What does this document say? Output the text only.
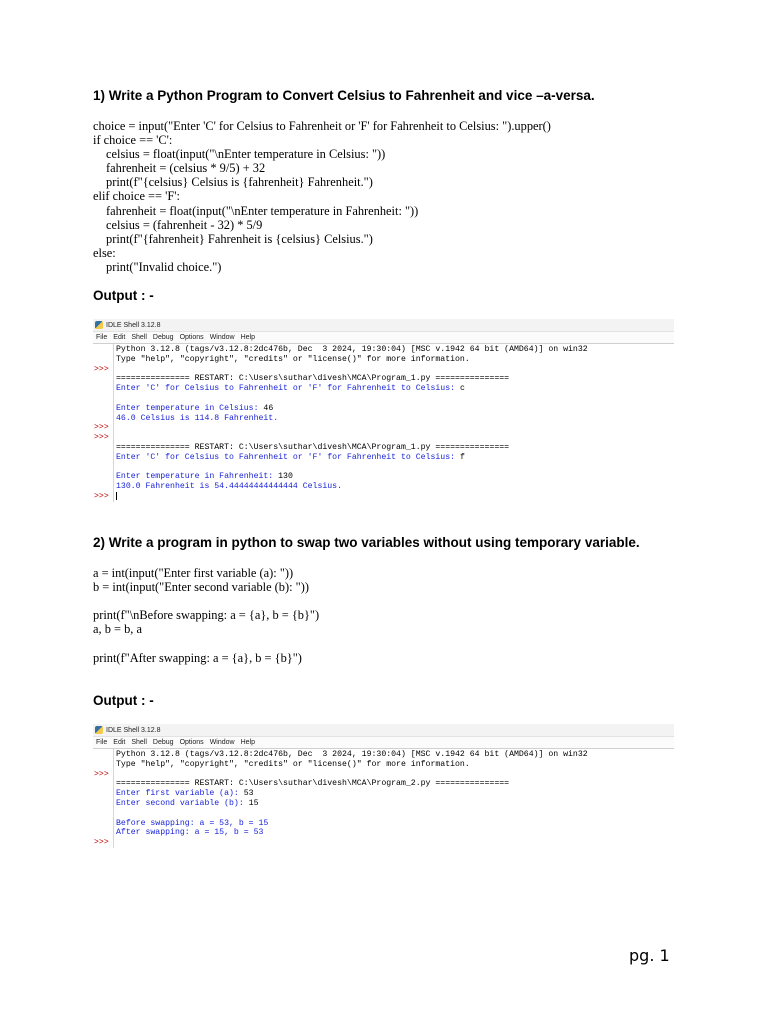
1) Write a Python Program to Convert Celsius to Fahrenheit and vice –a-versa.
choice = input("Enter 'C' for Celsius to Fahrenheit or 'F' for Fahrenheit to Celsius: ").upper()
if choice == 'C':
celsius = float(input("\nEnter temperature in Celsius: "))
fahrenheit = (celsius * 9/5) + 32
print(f"{celsius} Celsius is {fahrenheit} Fahrenheit.")
elif choice == 'F':
fahrenheit = float(input("\nEnter temperature in Fahrenheit: "))
celsius = (fahrenheit - 32) * 5/9
print(f"{fahrenheit} Fahrenheit is {celsius} Celsius.")
else:
print("Invalid choice.")
Output : -
IDLE Shell 3.12.8
File Edit Shell Debug Options Window Help
>>>
>>>
>>>
>>>
Python 3.12.8 (tags/v3.12.8:2dc476b, Dec  3 2024, 19:30:04) [MSC v.1942 64 bit (AMD64)] on win32
Type "help", "copyright", "credits" or "license()" for more information.
=============== RESTART: C:\Users\suthar\divesh\MCA\Program_1.py ===============
Enter 'C' for Celsius to Fahrenheit or 'F' for Fahrenheit to Celsius: c
Enter temperature in Celsius: 46
46.0 Celsius is 114.8 Fahrenheit.
=============== RESTART: C:\Users\suthar\divesh\MCA\Program_1.py ===============
Enter 'C' for Celsius to Fahrenheit or 'F' for Fahrenheit to Celsius: f
Enter temperature in Fahrenheit: 130
130.0 Fahrenheit is 54.44444444444444 Celsius.
2) Write a program in python to swap two variables without using temporary variable.
a = int(input("Enter first variable (a): "))
b = int(input("Enter second variable (b): "))
print(f"\nBefore swapping: a = {a}, b = {b}")
a, b = b, a
print(f"After swapping: a = {a}, b = {b}")
Output : -
IDLE Shell 3.12.8
File Edit Shell Debug Options Window Help
>>>
>>>
Python 3.12.8 (tags/v3.12.8:2dc476b, Dec  3 2024, 19:30:04) [MSC v.1942 64 bit (AMD64)] on win32
Type "help", "copyright", "credits" or "license()" for more information.
=============== RESTART: C:\Users\suthar\divesh\MCA\Program_2.py ===============
Enter first variable (a): 53
Enter second variable (b): 15
Before swapping: a = 53, b = 15
After swapping: a = 15, b = 53
pg. 1
